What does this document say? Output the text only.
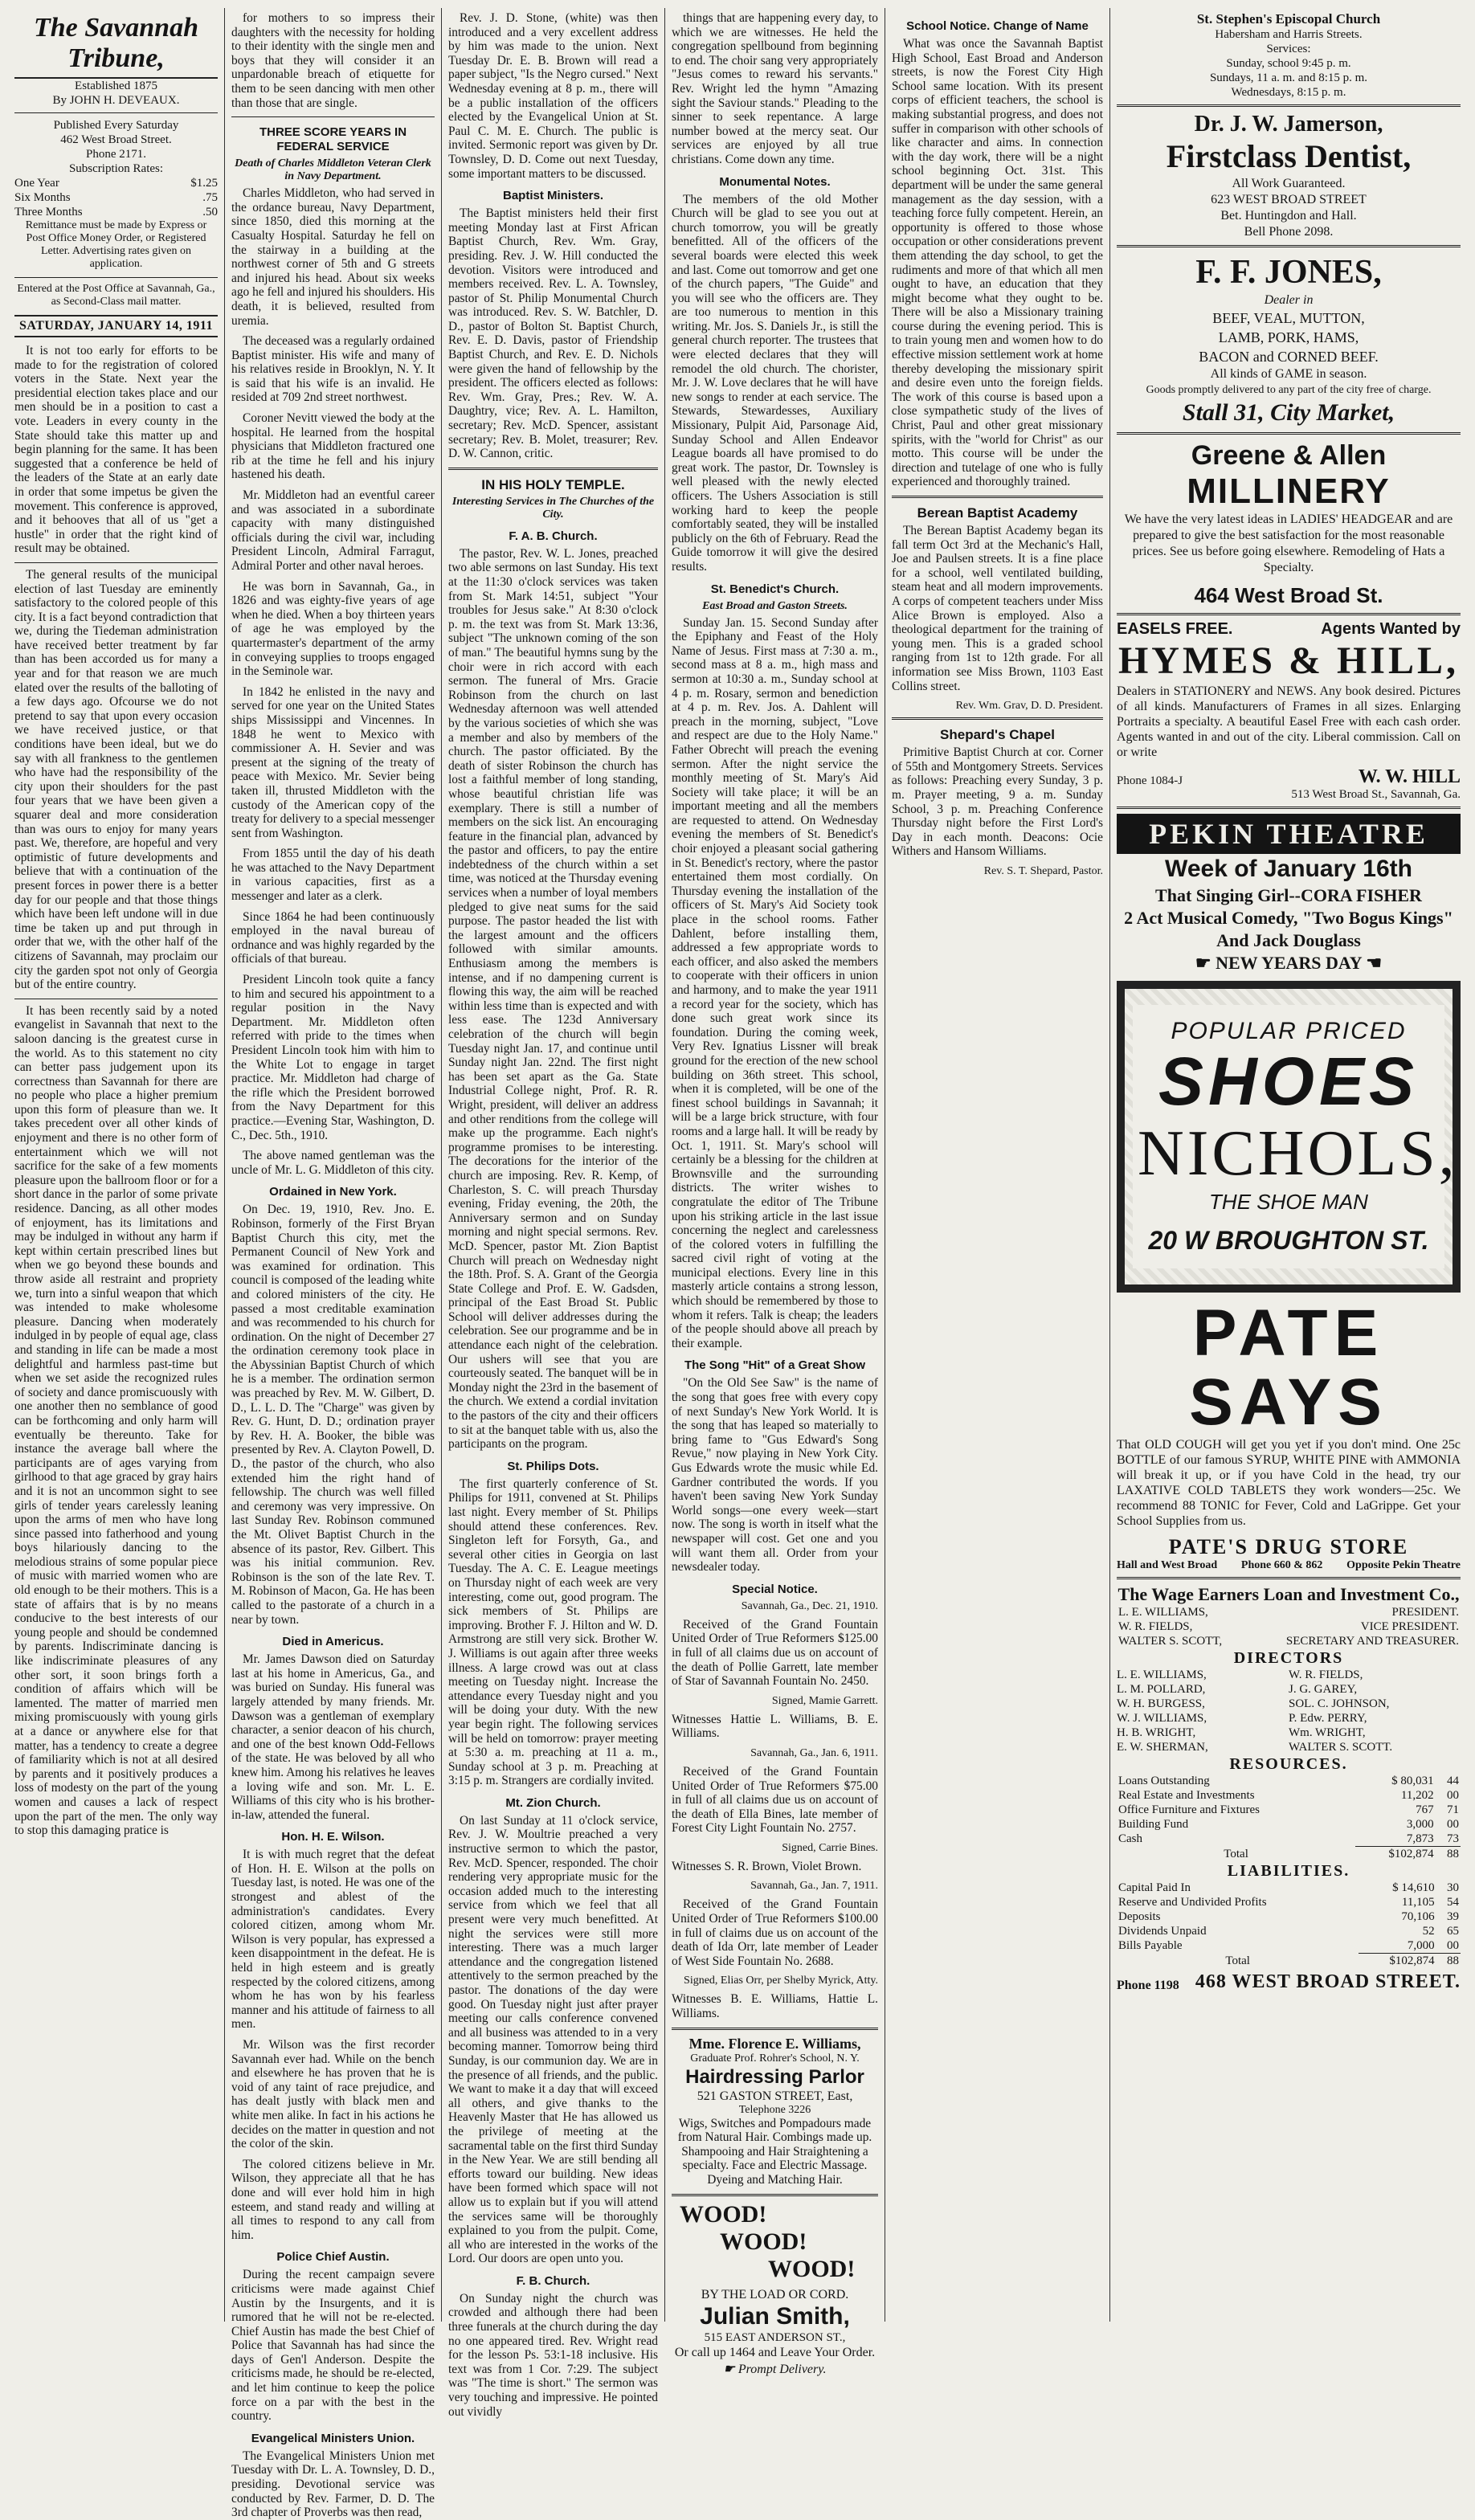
The Savannah Tribune,
Established 1875
By JOHN H. DEVEAUX.
Published Every Saturday
462 West Broad Street.
Phone 2171.
Subscription Rates:
One Year	$1.25
Six Months	.75
Three Months	.50

Remittance must be made by Express or Post Office Money Order, or Registered Letter. Advertising rates given on application.

Entered at the Post Office at Savannah, Ga., as Second-Class mail matter.

SATURDAY, JANUARY 14, 1911

It is not too early for efforts to be made to for the registration of colored voters in the State. Next year the presidential election takes place and our men should be in a position to cast a vote. Leaders in every county in the State should take this matter up and begin planning for the same. It has been suggested that a conference be held of the leaders of the State at an early date in order that some impetus be given the movement. This conference is approved, and it behooves that all of us "get a hustle" in order that the right kind of result may be obtained.

The general results of the municipal election of last Tuesday are eminently satisfactory to the colored people of this city. It is a fact beyond contradiction that we, during the Tiedeman administration have received better treatment by far than has been accorded us for many a year and for that reason we are much elated over the results of the balloting of a few days ago. Ofcourse we do not pretend to say that upon every occasion we have received justice, or that conditions have been ideal, but we do say with all frankness to the gentlemen who have had the responsibility of the city upon their shoulders for the past four years that we have been given a squarer deal and more consideration than was ours to enjoy for many years past. We, therefore, are hopeful and very optimistic of future developments and believe that with a continuation of the present forces in power there is a better day for our people and that those things which have been left undone will in due time be taken up and put through in order that we, with the other half of the citizens of Savannah, may proclaim our city the garden spot not only of Georgia but of the entire country.

It has been recently said by a noted evangelist in Savannah that next to the saloon dancing is the greatest curse in the world. As to this statement no city can better pass judgement upon its correctness than Savannah for there are no people who place a higher premium upon this form of pleasure than we. It takes precedent over all other kinds of enjoyment and there is no other form of entertainment which we will not sacrifice for the sake of a few moments pleasure upon the ballroom floor or for a short dance in the parlor of some private residence. Dancing, as all other modes of enjoyment, has its limitations and may be indulged in without any harm if kept within certain prescribed lines but when we go beyond these bounds and throw aside all restraint and propriety we, turn into a sinful weapon that which was intended to make wholesome pleasure. Dancing when moderately indulged in by people of equal age, class and standing in life can be made a most delightful and harmless past-time but when we set aside the recognized rules of society and dance promiscuously with one another then no semblance of good can be forthcoming and only harm will eventually be thereunto. Take for instance the average ball where the participants are of ages varying from girlhood to that age graced by gray hairs and it is not an uncommon sight to see girls of tender years carelessly leaning upon the arms of men who have long since passed into fatherhood and young boys hilariously dancing to the melodious strains of some popular piece of music with married women who are old enough to be their mothers. This is a state of affairs that is by no means conducive to the best interests of our young people and should be condemned by parents. Indiscriminate dancing is like indiscriminate pleasures of any other sort, it soon brings forth a condition of affairs which will be lamented. The matter of married men mixing promiscuously with young girls at a dance or anywhere else for that matter, has a tendency to create a degree of familiarity which is not at all desired by parents and it positively produces a loss of modesty on the part of the young women and causes a lack of respect upon the part of the men. The only way to stop this damaging pratice is

for mothers to so impress their daughters with the necessity for holding to their identity with the single men and boys that they will consider it an unpardonable breach of etiquette for them to be seen dancing with men other than those that are single.

THREE SCORE YEARS IN FEDERAL SERVICE
Death of Charles Middleton Veteran Clerk in Navy Department.

Charles Middleton, who had served in the ordance bureau, Navy Department, since 1850, died this morning at the Casualty Hospital. Saturday he fell on the stairway in a building at the northwest corner of 5th and G streets and injured his head. About six weeks ago he fell and injured his shoulders. His death, it is believed, resulted from uremia.

The deceased was a regularly ordained Baptist minister. His wife and many of his relatives reside in Brooklyn, N. Y. It is said that his wife is an invalid. He resided at 709 2nd street northwest.

Coroner Nevitt viewed the body at the hospital. He learned from the hospital physicians that Middleton fractured one rib at the time he fell and his injury hastened his death.

Mr. Middleton had an eventful career and was associated in a subordinate capacity with many distinguished officials during the civil war, including President Lincoln, Admiral Farragut, Admiral Porter and other naval heroes.

He was born in Savannah, Ga., in 1826 and was eighty-five years of age when he died. When a boy thirteen years of age he was employed by the quartermaster's department of the army in conveying supplies to troops engaged in the Seminole war.

In 1842 he enlisted in the navy and served for one year on the United States ships Mississippi and Vincennes. In 1848 he went to Mexico with commissioner A. H. Sevier and was present at the signing of the treaty of peace with Mexico. Mr. Sevier being taken ill, thrusted Middleton with the custody of the American copy of the treaty for delivery to a special messenger sent from Washington.

From 1855 until the day of his death he was attached to the Navy Department in various capacities, first as a messenger and later as a clerk.

Since 1864 he had been continuously employed in the naval bureau of ordnance and was highly regarded by the officials of that bureau.

President Lincoln took quite a fancy to him and secured his appointment to a regular position in the Navy Department. Mr. Middleton often referred with pride to the times when President Lincoln took him with him to the White Lot to engage in target practice. Mr. Middleton had charge of the rifle which the President borrowed from the Navy Department for this practice.—Evening Star, Washington, D. C., Dec. 5th., 1910.

The above named gentleman was the uncle of Mr. L. G. Middleton of this city.

Ordained in New York.

On Dec. 19, 1910, Rev. Jno. E. Robinson, formerly of the First Bryan Baptist Church this city, met the Permanent Council of New York and was examined for ordination. This council is composed of the leading white and colored ministers of the city. He passed a most creditable examination and was recommended to his church for ordination. On the night of December 27 the ordination ceremony took place in the Abyssinian Baptist Church of which he is a member. The ordination sermon was preached by Rev. M. W. Gilbert, D. D., L. L. D. The "Charge" was given by Rev. G. Hunt, D. D.; ordination prayer by Rev. H. A. Booker, the bible was presented by Rev. A. Clayton Powell, D. D., the pastor of the church, who also extended him the right hand of fellowship. The church was well filled and ceremony was very impressive. On last Sunday Rev. Robinson communed the Mt. Olivet Baptist Church in the absence of its pastor, Rev. Gilbert. This was his initial communion. Rev. Robinson is the son of the late Rev. T. M. Robinson of Macon, Ga. He has been called to the pastorate of a church in a near by town.

Died in Americus.

Mr. James Dawson died on Saturday last at his home in Americus, Ga., and was buried on Sunday. His funeral was largely attended by many friends. Mr. Dawson was a gentleman of exemplary character, a senior deacon of his church, and one of the best known Odd-Fellows of the state. He was beloved by all who knew him. Among his relatives he leaves a loving wife and son. Mr. L. E. Williams of this city who is his brother-in-law, attended the funeral.

Hon. H. E. Wilson.

It is with much regret that the defeat of Hon. H. E. Wilson at the polls on Tuesday last, is noted. He was one of the strongest and ablest of the administration's candidates. Every colored citizen, among whom Mr. Wilson is very popular, has expressed a keen disappointment in the defeat. He is held in high esteem and is greatly respected by the colored citizens, among whom he has won by his fearless manner and his attitude of fairness to all men.

Mr. Wilson was the first recorder Savannah ever had. While on the bench and elsewhere he has proven that he is void of any taint of race prejudice, and has dealt justly with black men and white men alike. In fact in his actions he decides on the matter in question and not the color of the skin.

The colored citizens believe in Mr. Wilson, they appreciate all that he has done and will ever hold him in high esteem, and stand ready and willing at all times to respond to any call from him.

Police Chief Austin.

During the recent campaign severe criticisms were made against Chief Austin by the Insurgents, and it is rumored that he will not be re-elected. Chief Austin has made the best Chief of Police that Savannah has had since the days of Gen'l Anderson. Despite the criticisms made, he should be re-elected, and let him continue to keep the police force on a par with the best in the country.

Evangelical Ministers Union.

The Evangelical Ministers Union met Tuesday with Dr. L. A. Townsley, D. D., presiding. Devotional service was conducted by Rev. Farmer, D. D. The 3rd chapter of Proverbs was then read,

Rev. J. D. Stone, (white) was then introduced and a very excellent address by him was made to the union. Next Tuesday Dr. E. B. Brown will read a paper subject, "Is the Negro cursed." Next Wednesday evening at 8 p. m., there will be a public installation of the officers elected by the Evangelical Union at St. Paul C. M. E. Church. The public is invited. Sermonic report was given by Dr. Townsley, D. D. Come out next Tuesday, some important matters to be discussed.

Baptist Ministers.

The Baptist ministers held their first meeting Monday last at First African Baptist Church, Rev. Wm. Gray, presiding. Rev. J. W. Hill conducted the devotion. Visitors were introduced and members received. Rev. L. A. Townsley, pastor of St. Philip Monumental Church was introduced. Rev. S. W. Batchler, D. D., pastor of Bolton St. Baptist Church, Rev. E. D. Davis, pastor of Friendship Baptist Church, and Rev. E. D. Nichols were given the hand of fellowship by the president. The officers elected as follows: Rev. Wm. Gray, Pres.; Rev. W. A. Daughtry, vice; Rev. A. L. Hamilton, secretary; Rev. McD. Spencer, assistant secretary; Rev. B. Molet, treasurer; Rev. D. W. Cannon, critic.

IN HIS HOLY TEMPLE.
Interesting Services in The Churches of the City.
F. A. B. Church.

The pastor, Rev. W. L. Jones, preached two able sermons on last Sunday. His text at the 11:30 o'clock services was taken from St. Mark 14:51, subject "Your troubles for Jesus sake." At 8:30 o'clock p. m. the text was from St. Mark 13:36, subject "The unknown coming of the son of man." The beautiful hymns sung by the choir were in rich accord with each sermon. The funeral of Mrs. Gracie Robinson from the church on last Wednesday afternoon was well attended by the various societies of which she was a member and also by members of the church. The pastor officiated. By the death of sister Robinson the church has lost a faithful member of long standing, whose beautiful christian life was exemplary. There is still a number of members on the sick list. An encouraging feature in the financial plan, advanced by the pastor and officers, to pay the entire indebtedness of the church within a set time, was noticed at the Thursday evening services when a number of loyal members pledged to give neat sums for the said purpose. The pastor headed the list with the largest amount and the officers followed with similar amounts. Enthusiasm among the members is intense, and if no dampening current is flowing this way, the aim will be reached within less time than is expected and with less ease. The 123d Anniversary celebration of the church will begin Tuesday night Jan. 17, and continue until Sunday night Jan. 22nd. The first night has been set apart as the Ga. State Industrial College night, Prof. R. R. Wright, president, will deliver an address and other renditions from the college will make up the programme. Each night's programme promises to be interesting. The decorations for the interior of the church are imposing. Rev. R. Kemp, of Charleston, S. C. will preach Thursday evening, Friday evening, the 20th, the Anniversary sermon and on Sunday morning and night special sermons. Rev. McD. Spencer, pastor Mt. Zion Baptist Church will preach on Wednesday night the 18th. Prof. S. A. Grant of the Georgia State College and Prof. E. W. Gadsden, principal of the East Broad St. Public School will deliver addresses during the celebration. See our programme and be in attendance each night of the celebration. Our ushers will see that you are courteously seated. The banquet will be in Monday night the 23rd in the basement of the church. We extend a cordial invitation to the pastors of the city and their officers to sit at the banquet table with us, also the participants on the program.

St. Philips Dots.

The first quarterly conference of St. Philips for 1911, convened at St. Philips last night. Every member of St. Philips should attend these conferences. Rev. Singleton left for Forsyth, Ga., and several other cities in Georgia on last Tuesday. The A. C. E. League meetings on Thursday night of each week are very interesting, come out, good program. The sick members of St. Philips are improving. Brother F. J. Hilton and W. D. Armstrong are still very sick. Brother W. J. Williams is out again after three weeks illness. A large crowd was out at class meeting on Tuesday night. Increase the attendance every Tuesday night and you will be doing your duty. With the new year begin right. The following services will be held on tomorrow: prayer meeting at 5:30 a. m. preaching at 11 a. m., Sunday school at 3 p. m. Preaching at 3:15 p. m. Strangers are cordially invited.

Mt. Zion Church.

On last Sunday at 11 o'clock service, Rev. J. W. Moultrie preached a very instructive sermon to which the pastor, Rev. McD. Spencer, responded. The choir rendering very appropriate music for the occasion added much to the interesting service from which we feel that all present were very much benefitted. At night the services were still more interesting. There was a much larger attendance and the congregation listened attentively to the sermon preached by the pastor. The donations of the day were good. On Tuesday night just after prayer meeting our calls conference convened and all business was attended to in a very becoming manner. Tomorrow being third Sunday, is our communion day. We are in the presence of all friends, and the public. We want to make it a day that will exceed all others, and give thanks to the Heavenly Master that He has allowed us the privilege of meeting at the sacramental table on the first third Sunday in the New Year. We are still bending all efforts toward our building. New ideas have been formed which space will not allow us to explain but if you will attend the services same will be thoroughly explained to you from the pulpit. Come, all who are interested in the works of the Lord. Our doors are open unto you.

F. B. Church.

On Sunday night the church was crowded and although there had been three funerals at the church during the day no one appeared tired. Rev. Wright read for the lesson Ps. 53:1-18 inclusive. His text was from 1 Cor. 7:29. The subject was "The time is short." The sermon was very touching and impressive. He pointed out vividly

things that are happening every day, to which we are witnesses. He held the congregation spellbound from beginning to end. The choir sang very appropriately "Jesus comes to reward his servants." Rev. Wright led the hymn "Amazing sight the Saviour stands." Pleading to the sinner to seek repentance. A large number bowed at the mercy seat. Our services are enjoyed by all true christians. Come down any time.

Monumental Notes.

The members of the old Mother Church will be glad to see you out at church tomorrow, you will be greatly benefitted. All of the officers of the several boards were elected this week and last. Come out tomorrow and get one of the church papers, "The Guide" and you will see who the officers are. They are too numerous to mention in this writing. Mr. Jos. S. Daniels Jr., is still the general church reporter. The trustees that were elected declares that they will remodel the old church. The chorister, Mr. J. W. Love declares that he will have new songs to render at each service. The Stewards, Stewardesses, Auxiliary Missionary, Pulpit Aid, Parsonage Aid, Sunday School and Allen Endeavor League boards all have promised to do great work. The pastor, Dr. Townsley is well pleased with the newly elected officers. The Ushers Association is still working hard to keep the people comfortably seated, they will be installed publicly on the 6th of February. Read the Guide tomorrow it will give the desired results.

St. Benedict's Church.
East Broad and Gaston Streets.

Sunday Jan. 15. Second Sunday after the Epiphany and Feast of the Holy Name of Jesus. First mass at 7:30 a. m., second mass at 8 a. m., high mass and sermon at 10:30 a. m., Sunday school at 4 p. m. Rosary, sermon and benediction at 4 p. m. Rev. Jos. A. Dahlent will preach in the morning, subject, "Love and respect are due to the Holy Name." Father Obrecht will preach the evening sermon. After the night service the monthly meeting of St. Mary's Aid Society will take place; it will be an important meeting and all the members are requested to attend. On Wednesday evening the members of St. Benedict's choir enjoyed a pleasant social gathering in St. Benedict's rectory, where the pastor entertained them most cordially. On Thursday evening the installation of the officers of St. Mary's Aid Society took place in the school rooms. Father Dahlent, before installing them, addressed a few appropriate words to each officer, and also asked the members to cooperate with their officers in union and harmony, and to make the year 1911 a record year for the society, which has done such great work since its foundation. During the coming week, Very Rev. Ignatius Lissner will break ground for the erection of the new school building on 36th street. This school, when it is completed, will be one of the finest school buildings in Savannah; it will be a large brick structure, with four rooms and a large hall. It will be ready by Oct. 1, 1911. St. Mary's school will certainly be a blessing for the children at Brownsville and the surrounding districts. The writer wishes to congratulate the editor of The Tribune upon his striking article in the last issue concerning the neglect and carelessness of the colored voters in fulfilling the sacred civil right of voting at the municipal elections. Every line in this masterly article contains a strong lesson, which should be remembered by those to whom it refers. Talk is cheap; the leaders of the people should above all preach by their example.

The Song "Hit" of a Great Show

"On the Old See Saw" is the name of the song that goes free with every copy of next Sunday's New York World. It is the song that has leaped so materially to bring fame to "Gus Edward's Song Revue," now playing in New York City. Gus Edwards wrote the music while Ed. Gardner contributed the words. If you haven't been saving New York Sunday World songs—one every week—start now. The song is worth in itself what the newspaper will cost. Get one and you will want them all. Order from your newsdealer today.

Special Notice.
Savannah, Ga., Dec. 21, 1910.

Received of the Grand Fountain United Order of True Reformers $125.00 in full of all claims due us on account of the death of Pollie Garrett, late member of Star of Savannah Fountain No. 2450.

Signed, Mamie Garrett.

Witnesses Hattie L. Williams, B. E. Williams.

Savannah, Ga., Jan. 6, 1911.

Received of the Grand Fountain United Order of True Reformers $75.00 in full of all claims due us on account of the death of Ella Bines, late member of Forest City Light Fountain No. 2757.

Signed, Carrie Bines.

Witnesses S. R. Brown, Violet Brown.

Savannah, Ga., Jan. 7, 1911.

Received of the Grand Fountain United Order of True Reformers $100.00 in full of claims due us on account of the death of Ida Orr, late member of Leader of West Side Fountain No. 2688.

Signed, Elias Orr, per Shelby Myrick, Atty.

Witnesses B. E. Williams, Hattie L. Williams.

Mme. Florence E. Williams,
Graduate Prof. Rohrer's School, N. Y.
Hairdressing Parlor
521 GASTON STREET, East,
Telephone 3226

Wigs, Switches and Pompadours made from Natural Hair. Combings made up. Shampooing and Hair Straightening a specialty. Face and Electric Massage. Dyeing and Matching Hair.

WOOD!
WOOD!
WOOD!
BY THE LOAD OR CORD.
Julian Smith,
515 EAST ANDERSON ST.,
Or call up 1464 and Leave Your Order.
☛ Prompt Delivery.
School Notice. Change of Name

What was once the Savannah Baptist High School, East Broad and Anderson streets, is now the Forest City High School same location. With its present corps of efficient teachers, the school is making substantial progress, and does not suffer in comparison with other schools of like character and aims. In connection with the day work, there will be a night school beginning Oct. 31st. This department will be under the same general management as the day session, with a teaching force fully competent. Herein, an opportunity is offered to those whose occupation or other considerations prevent them attending the day school, to get the rudiments and more of that which all men ought to have, an education that they might become what they ought to be. There will be also a Missionary training course during the evening period. This is to train young men and women how to do effective mission settlement work at home thereby developing the missionary spirit and desire even unto the foreign fields. The work of this course is based upon a close sympathetic study of the lives of Christ, Paul and other great missionary spirits, with the "world for Christ" as our motto. This course will be under the direction and tutelage of one who is fully experienced and thoroughly trained.

Berean Baptist Academy

The Berean Baptist Academy began its fall term Oct 3rd at the Mechanic's Hall, Joe and Paulsen streets. It is a fine place for a school, well ventilated building, steam heat and all modern improvements. A corps of competent teachers under Miss Alice Brown is employed. Also a theological department for the training of young men. This is a graded school ranging from 1st to 12th grade. For all information see Miss Brown, 1103 East Collins street.

Rev. Wm. Grav, D. D. President.
Shepard's Chapel

Primitive Baptist Church at cor. Corner of 55th and Montgomery Streets. Services as follows: Preaching every Sunday, 3 p. m. Prayer meeting, 9 a. m. Sunday School, 3 p. m. Preaching Conference Thursday night before the First Lord's Day in each month. Deacons: Ocie Withers and Hansom Williams.

Rev. S. T. Shepard, Pastor.
St. Stephen's Episcopal Church
Habersham and Harris Streets.
Services:
Sunday, school 9:45 p. m.
Sundays, 11 a. m. and 8:15 p. m.
Wednesdays, 8:15 p. m.
Dr. J. W. Jamerson,
Firstclass Dentist,
All Work Guaranteed.
623 WEST BROAD STREET
Bet. Huntingdon and Hall.
Bell Phone 2098.
F. F. JONES,
Dealer in
BEEF, VEAL, MUTTON,
LAMB, PORK, HAMS,
BACON and CORNED BEEF.
All kinds of GAME in season.
Goods promptly delivered to any part of the city free of charge.
Stall 31, City Market,
Greene & Allen
MILLINERY

We have the very latest ideas in LADIES' HEADGEAR and are prepared to give the best satisfaction for the most reasonable prices. See us before going elsewhere. Remodeling of Hats a Specialty.

464 West Broad St.
EASELS FREE.	Agents Wanted by
HYMES & HILL,

Dealers in STATIONERY and NEWS. Any book desired. Pictures of all kinds. Manufacturers of Frames in all sizes. Enlarging Portraits a specialty. A beautiful Easel Free with each cash order. Agents wanted in and out of the city. Liberal commission. Call on or write

Phone 1084-J	W. W. HILL
513 West Broad St., Savannah, Ga.
PEKIN THEATRE
Week of January 16th
That Singing Girl--CORA FISHER
2 Act Musical Comedy, "Two Bogus Kings"
And Jack Douglass
☛ NEW YEARS DAY ☚
POPULAR PRICED
SHOES
NICHOLS,
THE SHOE MAN
20 W BROUGHTON ST.
PATE SAYS

That OLD COUGH will get you yet if you don't mind. One 25c BOTTLE of our famous SYRUP, WHITE PINE with AMMONIA will break it up, or if you have Cold in the head, try our LAXATIVE COLD TABLETS they work wonders—25c. We recommend 88 TONIC for Fever, Cold and LaGrippe. Get your School Supplies from us.

PATE'S DRUG STORE
Hall and West Broad Phone 660 & 862 Opposite Pekin Theatre
The Wage Earners Loan and Investment Co.,
L. E. WILLIAMS,	PRESIDENT.
W. R. FIELDS,	VICE PRESIDENT.
WALTER S. SCOTT,	SECRETARY AND TREASURER.
DIRECTORS
L. E. WILLIAMS,	W. R. FIELDS,
L. M. POLLARD,	J. G. GAREY,
W. H. BURGESS,	SOL. C. JOHNSON,
W. J. WILLIAMS,	P. Edw. PERRY,
H. B. WRIGHT,	Wm. WRIGHT,
E. W. SHERMAN,	WALTER S. SCOTT.
RESOURCES.
Loans Outstanding	$ 80,031	44
Real Estate and Investments	11,202	00
Office Furniture and Fixtures	767	71
Building Fund	3,000	00
Cash	7,873	73
Total	$102,874	88
LIABILITIES.
Capital Paid In	$ 14,610	30
Reserve and Undivided Profits	11,105	54
Deposits	70,106	39
Dividends Unpaid	52	65
Bills Payable	7,000	00
Total	$102,874	88
Phone 1198 468 WEST BROAD STREET.
